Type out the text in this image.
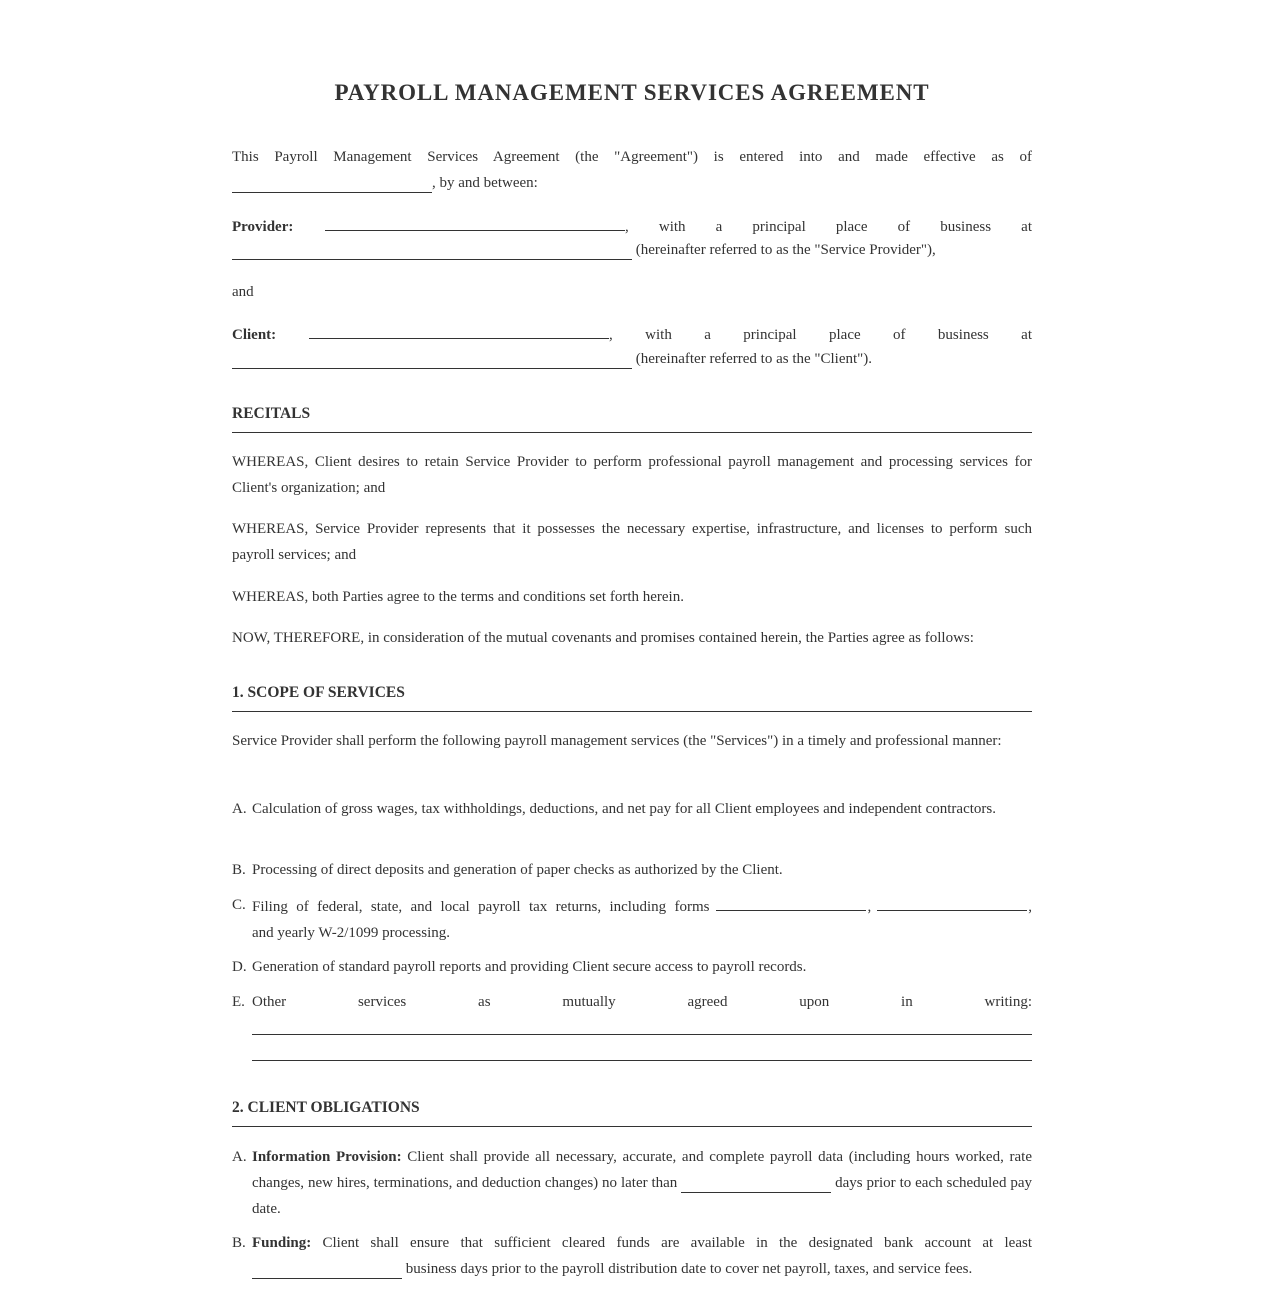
PAYROLL MANAGEMENT SERVICES AGREEMENT

This Payroll Management Services Agreement (the "Agreement") is entered into and made effective as of

, by and between:

Provider:	, with a principal place of business at

(hereinafter referred to as the "Service Provider"),

and

Client:	, with a principal place of business at

(hereinafter referred to as the "Client").

RECITALS

WHEREAS, Client desires to retain Service Provider to perform professional payroll management and processing services for Client's organization; and

WHEREAS, Service Provider represents that it possesses the necessary expertise, infrastructure, and licenses to perform such payroll services; and

WHEREAS, both Parties agree to the terms and conditions set forth herein.

NOW, THEREFORE, in consideration of the mutual covenants and promises contained herein, the Parties agree as follows:

1. SCOPE OF SERVICES

Service Provider shall perform the following payroll management services (the "Services") in a timely and professional manner:

A. Calculation of gross wages, tax withholdings, deductions, and net pay for all Client employees and independent contractors.
B. Processing of direct deposits and generation of paper checks as authorized by the Client.
C. Filing of federal, state, and local payroll tax returns, including forms	,	,
and yearly W-2/1099 processing.
D. Generation of standard payroll reports and providing Client secure access to payroll records.
E. Other services as mutually agreed upon in writing:
2. CLIENT OBLIGATIONS
A. Information Provision: Client shall provide all necessary, accurate, and complete payroll data (including hours worked, rate changes, new hires, terminations, and deduction changes) no later than	days prior to each scheduled pay date.
B. Funding: Client shall ensure that sufficient cleared funds are available in the designated bank account at least  business days prior to the payroll distribution date to cover net payroll, taxes, and service fees.
